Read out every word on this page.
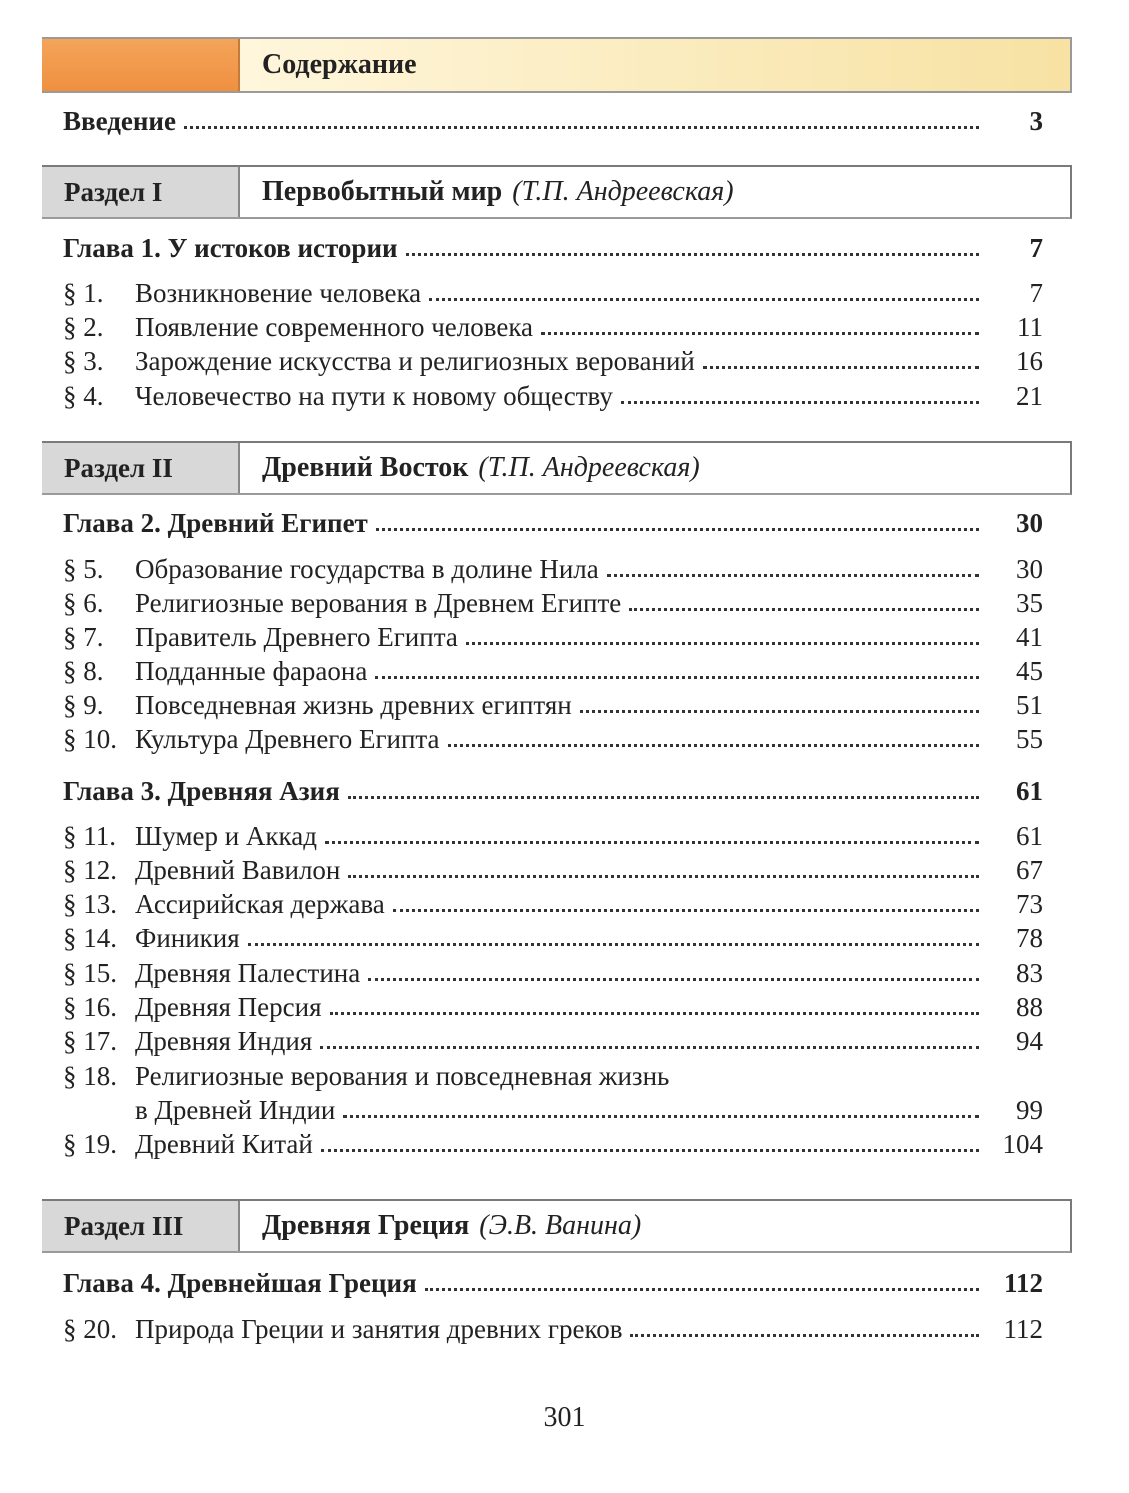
Содержание
Введение	3
Раздел I	Первобытный мир (Т.П. Андреевская)
Глава 1. У истоков истории	7
§ 1.	Возникновение человека	7
§ 2.	Появление современного человека	11
§ 3.	Зарождение искусства и религиозных верований	16
§ 4.	Человечество на пути к новому обществу	21
Раздел II	Древний Восток (Т.П. Андреевская)
Глава 2. Древний Египет	30
§ 5.	Образование государства в долине Нила	30
§ 6.	Религиозные верования в Древнем Египте	35
§ 7.	Правитель Древнего Египта	41
§ 8.	Подданные фараона	45
§ 9.	Повседневная жизнь древних египтян	51
§ 10. Культура Древнего Египта	55
Глава 3. Древняя Азия	61
§ 11. Шумер и Аккад	61
§ 12. Древний Вавилон	67
§ 13. Ассирийская держава	73
§ 14. Финикия	78
§ 15. Древняя Палестина	83
§ 16. Древняя Персия	88
§ 17. Древняя Индия	94
§ 18. Религиозные верования и повседневная жизнь
в Древней Индии	99
§ 19. Древний Китай	104
Раздел III	Древняя Греция (Э.В. Ванина)
Глава 4. Древнейшая Греция	112
§ 20. Природа Греции и занятия древних греков	112
301
